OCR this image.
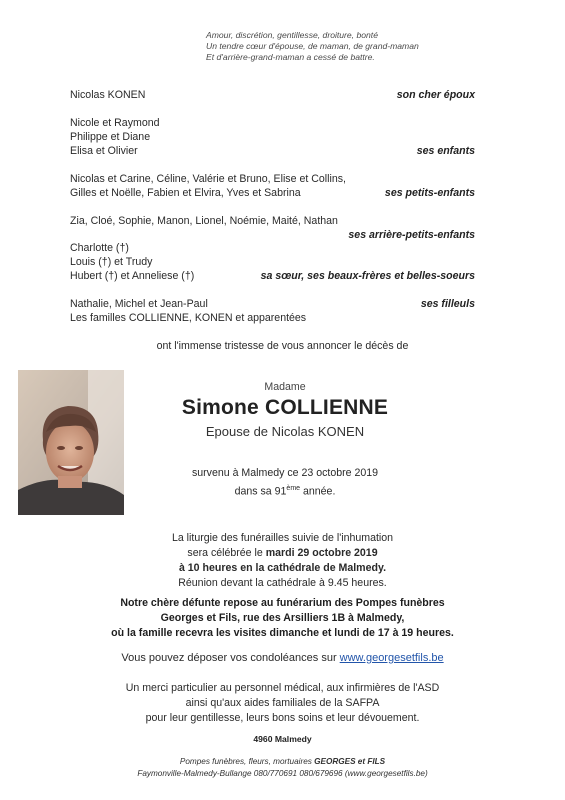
Amour, discrétion, gentillesse, droiture, bonté
Un tendre cœur d'épouse, de maman, de grand-maman
Et d'arrière-grand-maman a cessé de battre.
Nicolas KONEN	son cher époux
Nicole et Raymond
Philippe et Diane
Elisa et Olivier	ses enfants
Nicolas et Carine, Céline, Valérie et Bruno, Elise et Collins,
Gilles et Noëlle, Fabien et Elvira, Yves et Sabrina	ses petits-enfants
Zia, Cloé, Sophie, Manon, Lionel, Noémie, Maité, Nathan
ses arrière-petits-enfants
Charlotte (†)
Louis (†) et Trudy
Hubert (†) et Anneliese (†)	sa sœur, ses beaux-frères et belles-soeurs
Nathalie, Michel et Jean-Paul	ses filleuls
Les familles COLLIENNE, KONEN et apparentées
ont l'immense tristesse de vous annoncer le décès de
Madame
Simone COLLIENNE
Epouse de Nicolas KONEN
survenu à Malmedy ce 23 octobre 2019
dans sa 91ème année.
La liturgie des funérailles suivie de l'inhumation
sera célébrée le mardi 29 octobre 2019
à 10 heures en la cathédrale de Malmedy.
Réunion devant la cathédrale à 9.45 heures.
Notre chère défunte repose au funérarium des Pompes funèbres
Georges et Fils, rue des Arsilliers 1B à Malmedy,
où la famille recevra les visites dimanche et lundi de 17 à 19 heures.
Vous pouvez déposer vos condoléances sur www.georgesetfils.be
Un merci particulier au personnel médical, aux infirmières de l'ASD
ainsi qu'aux aides familiales de la SAFPA
pour leur gentillesse, leurs bons soins et leur dévouement.
4960 Malmedy
Pompes funèbres, fleurs, mortuaires GEORGES et FILS
Faymonville-Malmedy-Bullange 080/770691 080/679696 (www.georgesetfils.be)
